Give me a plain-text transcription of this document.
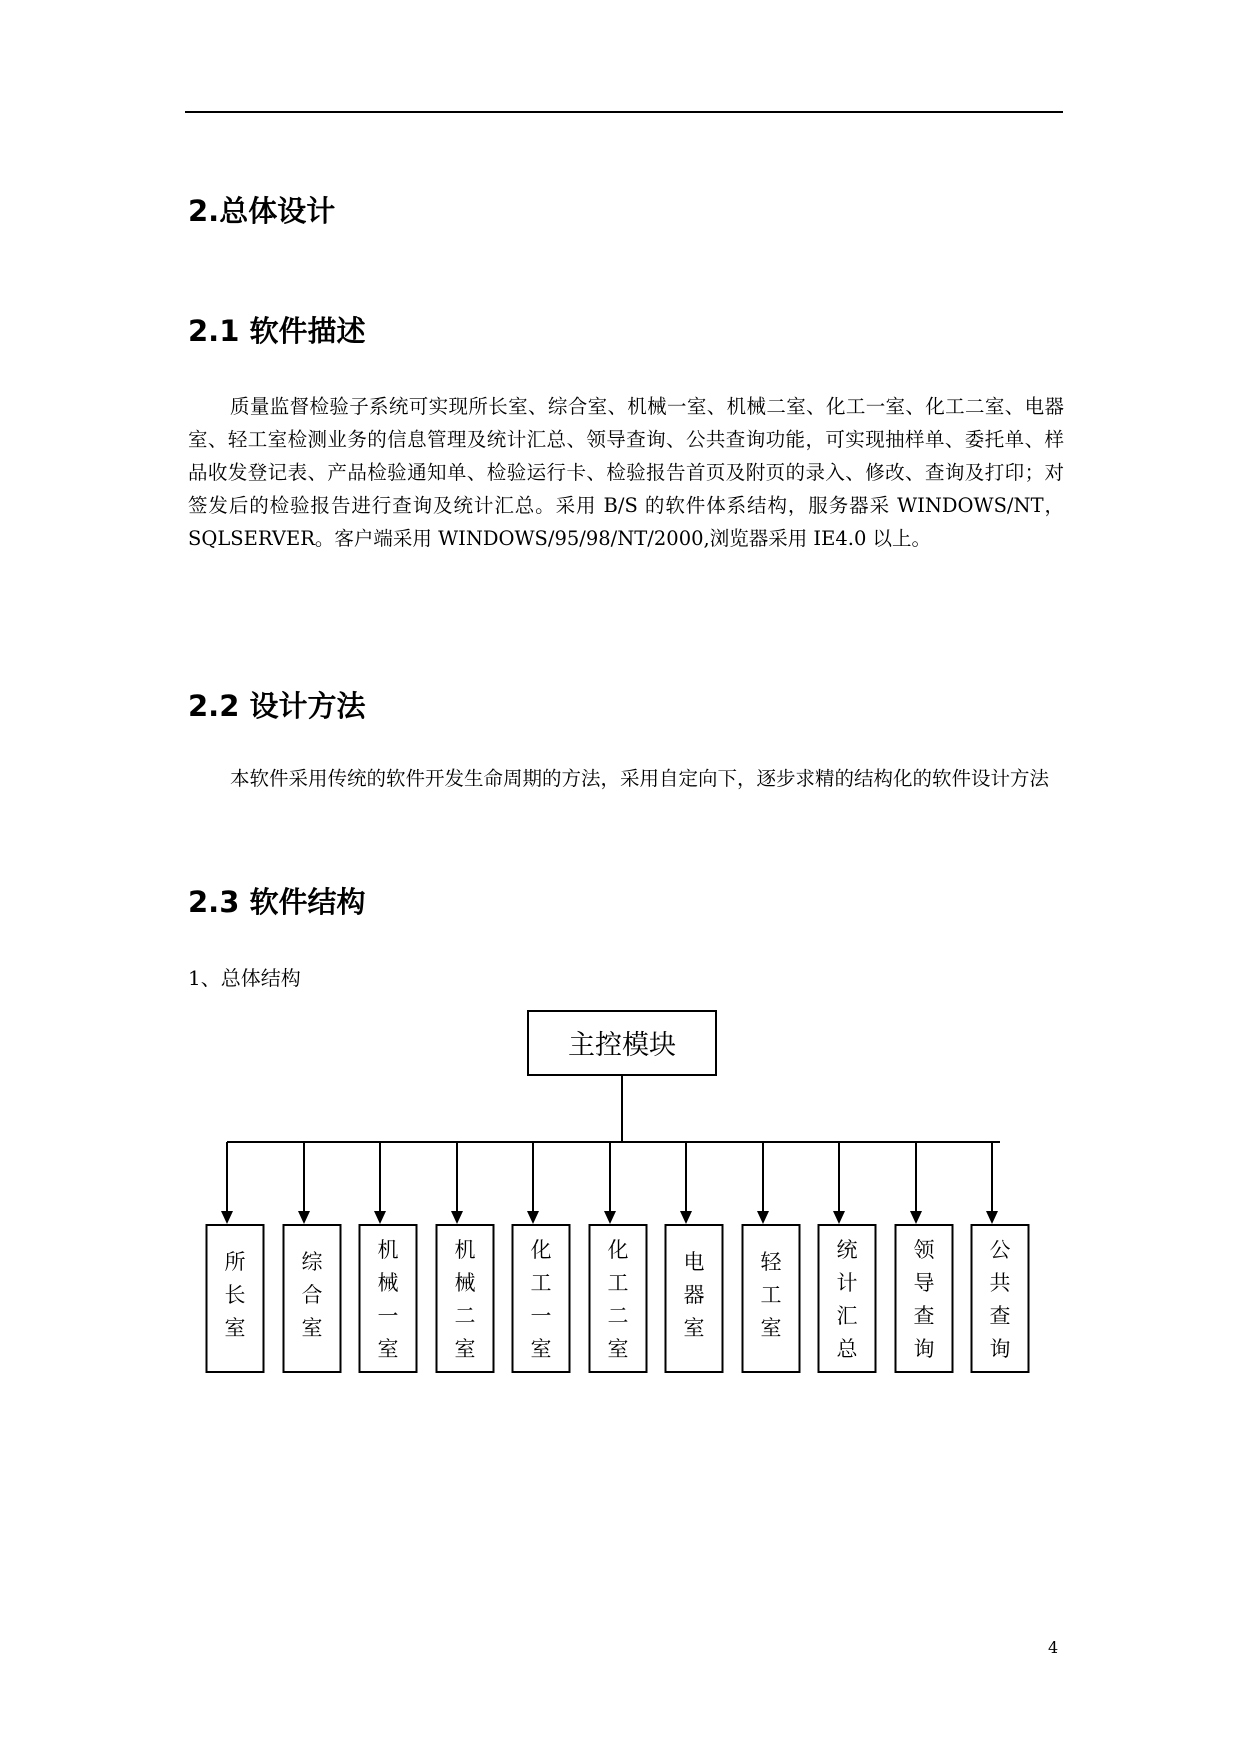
2.总体设计
2.1 软件描述

质量监督检验子系统可实现所长室、综合室、机械一室、机械二室、化工一室、化工二室、电器室、轻工室检测业务的信息管理及统计汇总、领导查询、公共查询功能，可实现抽样单、委托单、样品收发登记表、产品检验通知单、检验运行卡、检验报告首页及附页的录入、修改、查询及打印；对签发后的检验报告进行查询及统计汇总。采用 B/S 的软件体系结构，服务器采 WINDOWS/NT，SQLSERVER。客户端采用 WINDOWS/95/98/NT/2000,浏览器采用 IE4.0 以上。

2.2 设计方法

本软件采用传统的软件开发生命周期的方法，采用自定向下，逐步求精的结构化的软件设计方法

2.3 软件结构

1、总体结构

主控模块
所
长
室
综
合
室
机
械
一
室
机
械
二
室
化
工
一
室
化
工
二
室
电
器
室
轻
工
室
统
计
汇
总
领
导
查
询
公
共
查
询
4
